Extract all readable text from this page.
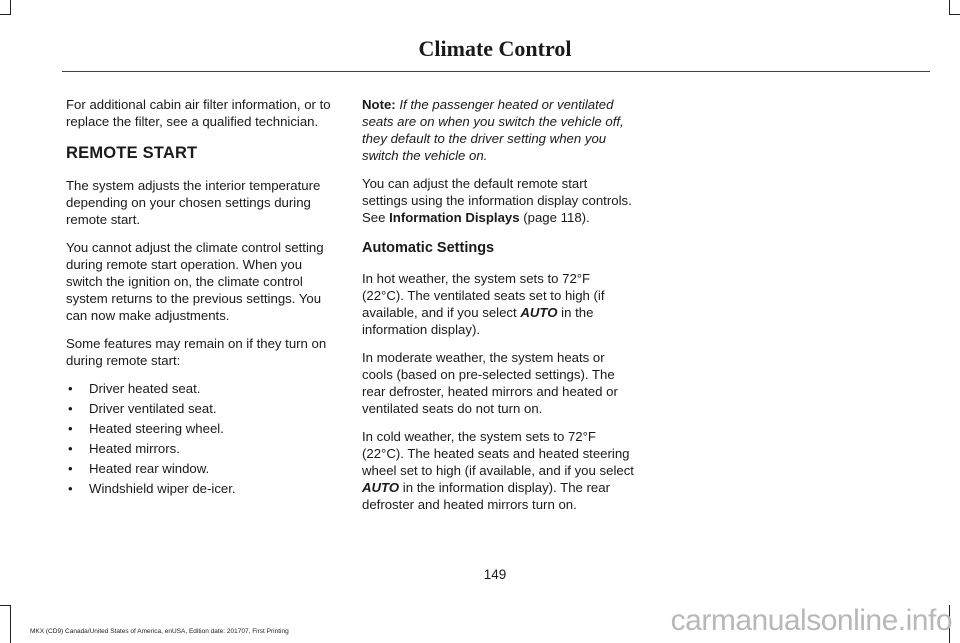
Climate Control

For additional cabin air filter information, or to replace the filter, see a qualified technician.

REMOTE START

The system adjusts the interior temperature depending on your chosen settings during remote start.

You cannot adjust the climate control setting during remote start operation. When you switch the ignition on, the climate control system returns to the previous settings. You can now make adjustments.

Some features may remain on if they turn on during remote start:

• Driver heated seat.
• Driver ventilated seat.
• Heated steering wheel.
• Heated mirrors.
• Heated rear window.
• Windshield wiper de-icer.

Note: If the passenger heated or ventilated seats are on when you switch the vehicle off, they default to the driver setting when you switch the vehicle on.

You can adjust the default remote start settings using the information display controls. See Information Displays (page 118).

Automatic Settings

In hot weather, the system sets to 72°F (22°C). The ventilated seats set to high (if available, and if you select AUTO in the information display).

In moderate weather, the system heats or cools (based on pre-selected settings). The rear defroster, heated mirrors and heated or ventilated seats do not turn on.

In cold weather, the system sets to 72°F (22°C). The heated seats and heated steering wheel set to high (if available, and if you select AUTO in the information display). The rear defroster and heated mirrors turn on.

149
MKX (CD9) Canada/United States of America, enUSA, Edition date: 201707, First Printing	carmanualsonline.info
